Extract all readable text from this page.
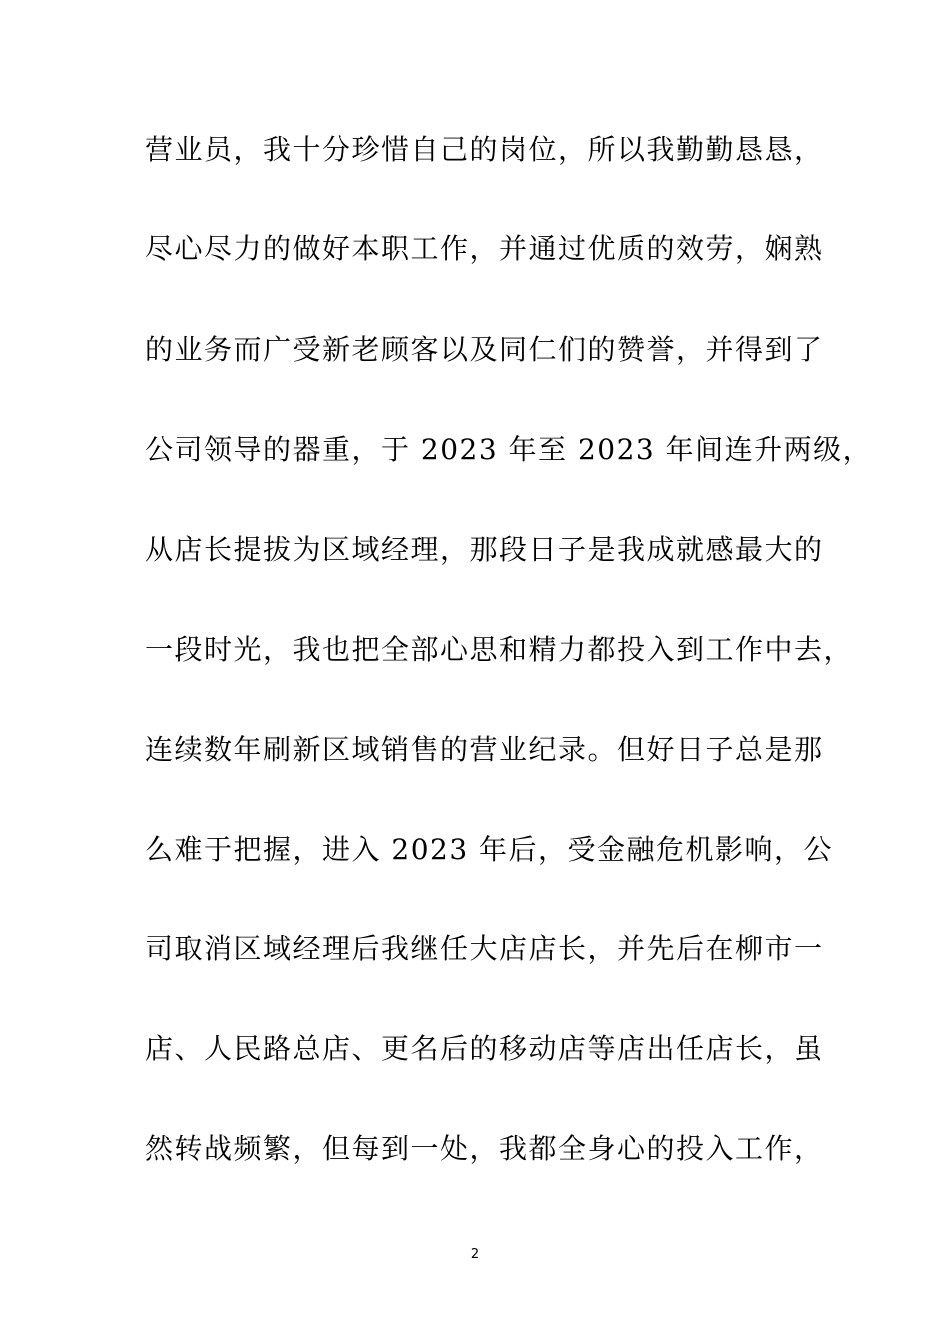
营业员，我十分珍惜自己的岗位，所以我勤勤恳恳，
尽心尽力的做好本职工作，并通过优质的效劳，娴熟
的业务而广受新老顾客以及同仁们的赞誉，并得到了
公司领导的器重，于 2023 年至 2023 年间连升两级，
从店长提拔为区域经理，那段日子是我成就感最大的
一段时光，我也把全部心思和精力都投入到工作中去，
连续数年刷新区域销售的营业纪录。但好日子总是那
么难于把握，进入 2023 年后，受金融危机影响，公
司取消区域经理后我继任大店店长，并先后在柳市一
店、人民路总店、更名后的移动店等店出任店长，虽
然转战频繁，但每到一处，我都全身心的投入工作，
2
